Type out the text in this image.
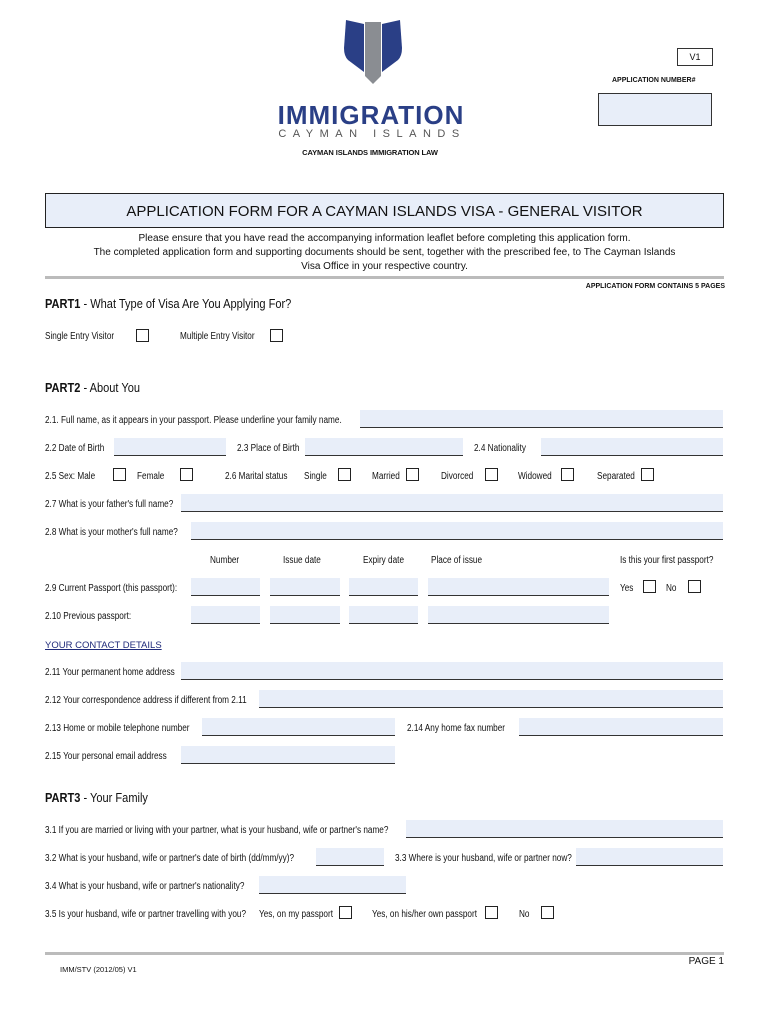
IMMIGRATION
CAYMAN ISLANDS
CAYMAN ISLANDS IMMIGRATION LAW
V1
APPLICATION NUMBER#
APPLICATION FORM FOR A CAYMAN ISLANDS VISA - GENERAL VISITOR
Please ensure that you have read the accompanying information leaflet before completing this application form.
The completed application form and supporting documents should be sent, together with the prescribed fee, to The Cayman Islands
Visa Office in your respective country.
APPLICATION FORM CONTAINS 5 PAGES
PART1 - What Type of Visa Are You Applying For?
Single Entry Visitor	Multiple Entry Visitor
PART2 - About You
2.1. Full name, as it appears in your passport. Please underline your family name.
2.2 Date of Birth	2.3 Place of Birth	2.4 Nationality
2.5 Sex: Male	Female	2.6 Marital status Single	Married	Divorced	Widowed	Separated
2.7 What is your father's full name?
2.8 What is your mother's full name?
Number	Issue date	Expiry date	Place of issue	Is this your first passport?
2.9 Current Passport (this passport):	Yes	No
2.10 Previous passport:
YOUR CONTACT DETAILS
2.11 Your permanent home address
2.12 Your correspondence address if different from 2.11
2.13 Home or mobile telephone number	2.14 Any home fax number
2.15 Your personal email address
PART3 - Your Family
3.1 If you are married or living with your partner, what is your husband, wife or partner's name?
3.2 What is your husband, wife or partner's date of birth (dd/mm/yy)?	3.3 Where is your husband, wife or partner now?
3.4 What is your husband, wife or partner's nationality?
3.5 Is your husband, wife or partner travelling with you? Yes, on my passport	Yes, on his/her own passport	No
IMM/STV (2012/05) V1
PAGE 1
